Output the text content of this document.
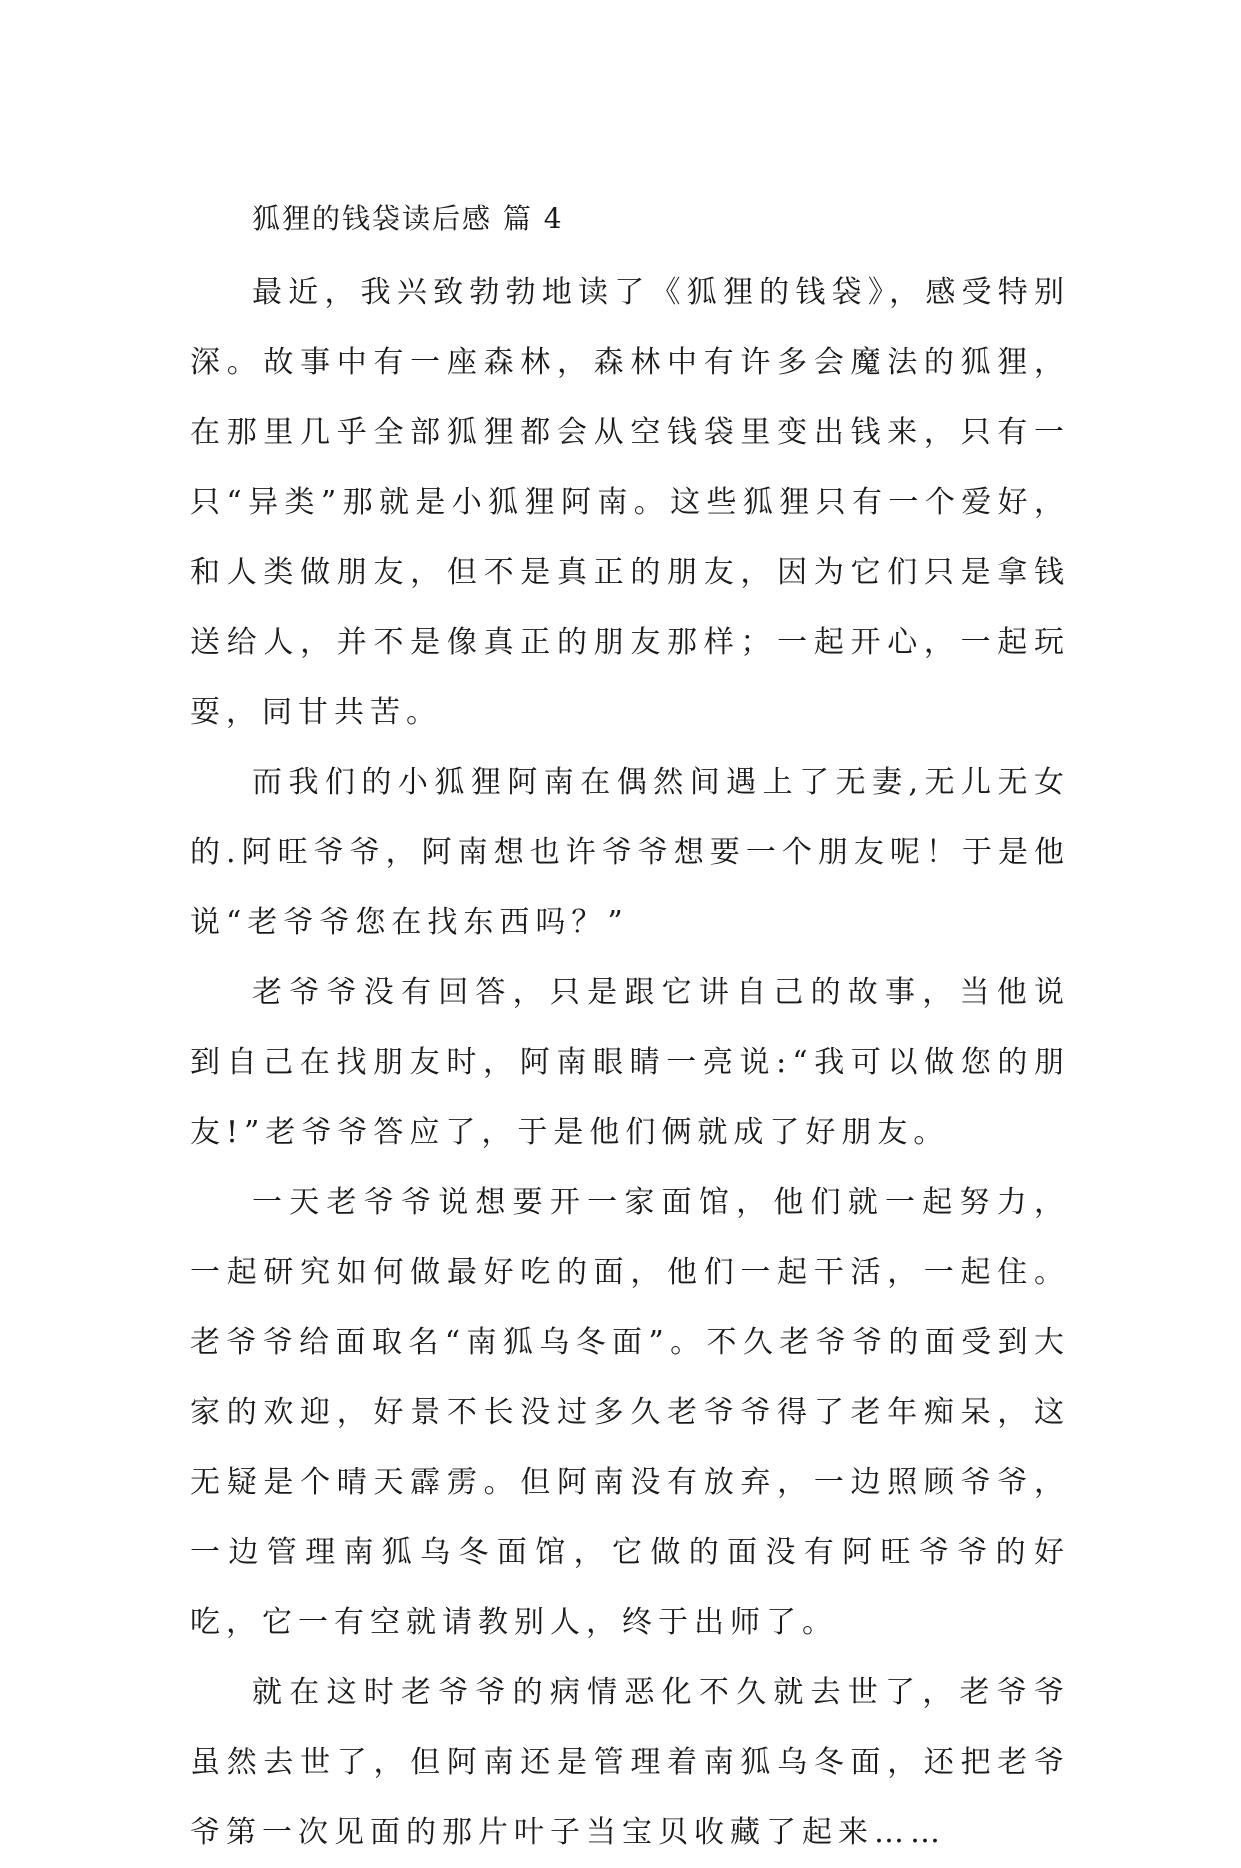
狐狸的钱袋读后感 篇 4

最近，我兴致勃勃地读了《狐狸的钱袋》，感受特别深。故事中有一座森林，森林中有许多会魔法的狐狸，在那里几乎全部狐狸都会从空钱袋里变出钱来，只有一只“异类”那就是小狐狸阿南。这些狐狸只有一个爱好，和人类做朋友，但不是真正的朋友，因为它们只是拿钱送给人，并不是像真正的朋友那样；一起开心，一起玩耍，同甘共苦。

而我们的小狐狸阿南在偶然间遇上了无妻,无儿无女的.阿旺爷爷，阿南想也许爷爷想要一个朋友呢！于是他说“老爷爷您在找东西吗？”

老爷爷没有回答，只是跟它讲自己的故事，当他说到自己在找朋友时，阿南眼睛一亮说:“我可以做您的朋友!”老爷爷答应了，于是他们俩就成了好朋友。

一天老爷爷说想要开一家面馆，他们就一起努力，一起研究如何做最好吃的面，他们一起干活，一起住。老爷爷给面取名“南狐乌冬面”。不久老爷爷的面受到大家的欢迎，好景不长没过多久老爷爷得了老年痴呆，这无疑是个晴天霹雳。但阿南没有放弃，一边照顾爷爷，一边管理南狐乌冬面馆，它做的面没有阿旺爷爷的好吃，它一有空就请教别人，终于出师了。

就在这时老爷爷的病情恶化不久就去世了，老爷爷虽然去世了，但阿南还是管理着南狐乌冬面，还把老爷爷第一次见面的那片叶子当宝贝收藏了起来……
